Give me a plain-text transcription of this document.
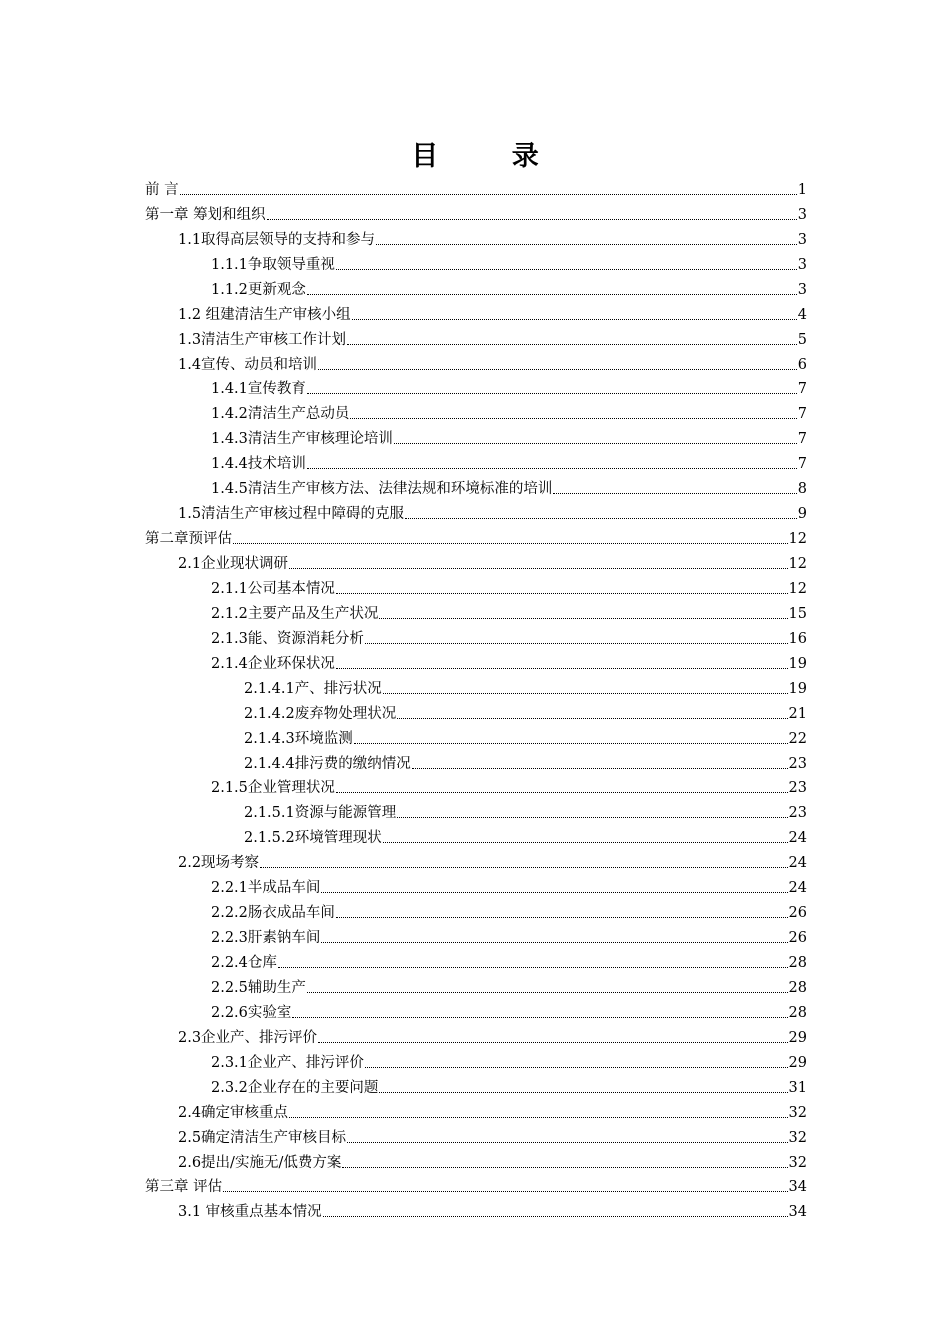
目 录
前 言	1
第一章 筹划和组织	3
1.1取得高层领导的支持和参与	3
1.1.1争取领导重视	3
1.1.2更新观念	3
1.2 组建清洁生产审核小组	4
1.3清洁生产审核工作计划	5
1.4宣传、动员和培训	6
1.4.1宣传教育	7
1.4.2清洁生产总动员	7
1.4.3清洁生产审核理论培训	7
1.4.4技术培训	7
1.4.5清洁生产审核方法、法律法规和环境标准的培训	8
1.5清洁生产审核过程中障碍的克服	9
第二章预评估	12
2.1企业现状调研	12
2.1.1公司基本情况	12
2.1.2主要产品及生产状况	15
2.1.3能、资源消耗分析	16
2.1.4企业环保状况	19
2.1.4.1产、排污状况	19
2.1.4.2废弃物处理状况	21
2.1.4.3环境监测	22
2.1.4.4排污费的缴纳情况	23
2.1.5企业管理状况	23
2.1.5.1资源与能源管理	23
2.1.5.2环境管理现状	24
2.2现场考察	24
2.2.1半成品车间	24
2.2.2肠衣成品车间	26
2.2.3肝素钠车间	26
2.2.4仓库	28
2.2.5辅助生产	28
2.2.6实验室	28
2.3企业产、排污评价	29
2.3.1企业产、排污评价	29
2.3.2企业存在的主要问题	31
2.4确定审核重点	32
2.5确定清洁生产审核目标	32
2.6提出/实施无/低费方案	32
第三章 评估	34
3.1 审核重点基本情况	34
